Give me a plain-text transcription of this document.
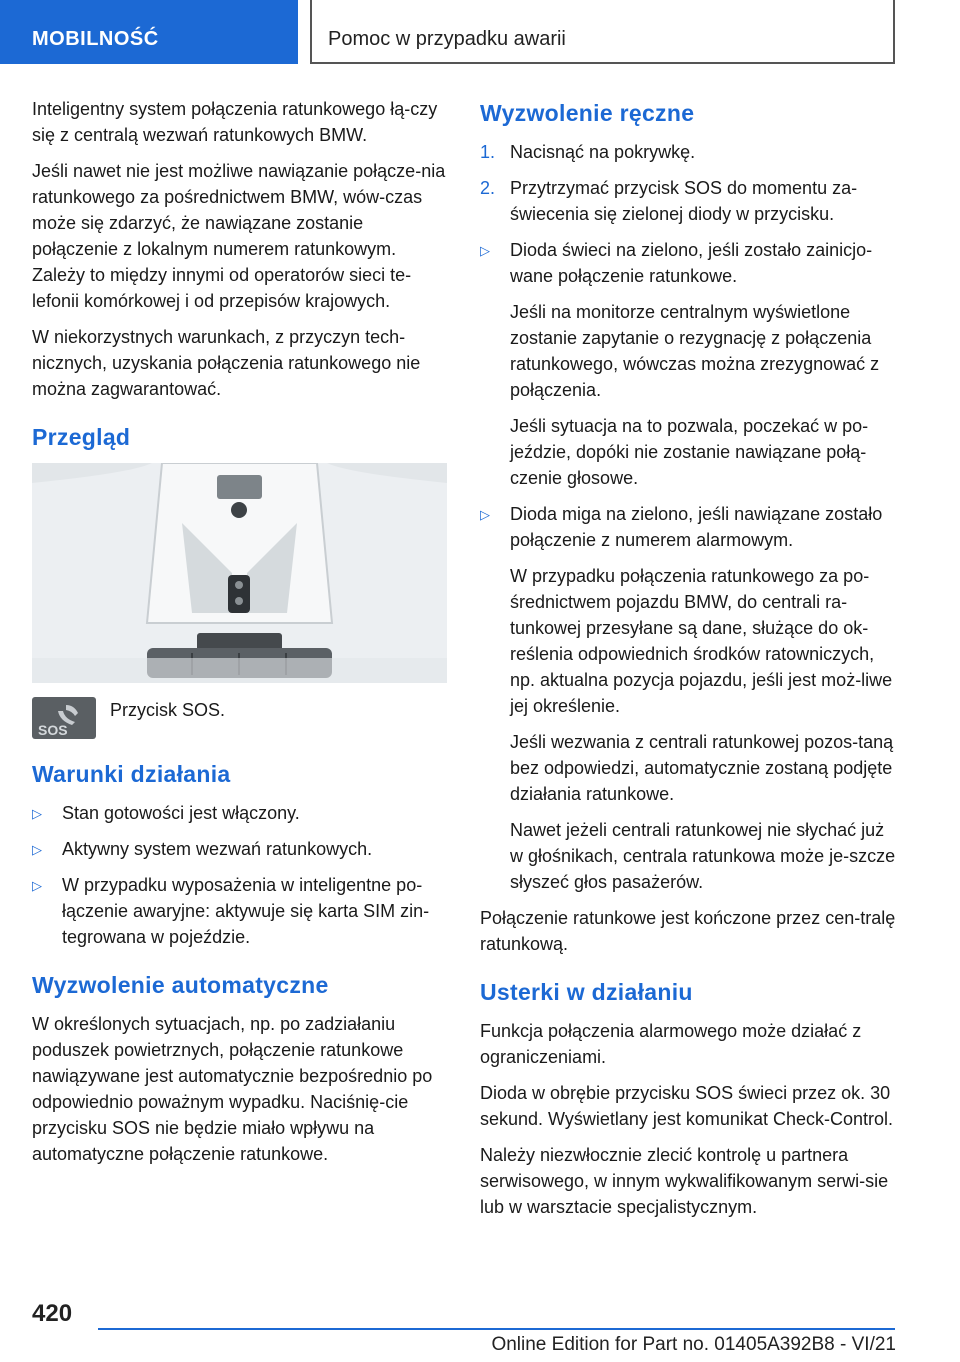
MOBILNOŚĆ	Pomoc w przypadku awarii

Inteligentny system połączenia ratunkowego łą‐czy się z centralą wezwań ratunkowych BMW.

Jeśli nawet nie jest możliwe nawiązanie połącze‐nia ratunkowego za pośrednictwem BMW, wów‐czas może się zdarzyć, że nawiązane zostanie połączenie z lokalnym numerem ratunkowym. Zależy to między innymi od operatorów sieci te‐lefonii komórkowej i od przepisów krajowych.

W niekorzystnych warunkach, z przyczyn tech‐nicznych, uzyskania połączenia ratunkowego nie można zagwarantować.

Przegląd
SOS
Przycisk SOS.
Warunki działania
▷ Stan gotowości jest włączony.
▷ Aktywny system wezwań ratunkowych.
▷ W przypadku wyposażenia w inteligentne po‐łączenie awaryjne: aktywuje się karta SIM zin‐tegrowana w pojeździe.
Wyzwolenie automatyczne

W określonych sytuacjach, np. po zadziałaniu poduszek powietrznych, połączenie ratunkowe nawiązywane jest automatycznie bezpośrednio po odpowiednio poważnym wypadku. Naciśnię‐cie przycisku SOS nie będzie miało wpływu na automatyczne połączenie ratunkowe.

Wyzwolenie ręczne
1. Nacisnąć na pokrywkę.
2. Przytrzymać przycisk SOS do momentu za‐świecenia się zielonej diody w przycisku.
▷ Dioda świeci na zielono, jeśli zostało zainicjo‐wane połączenie ratunkowe.
Jeśli na monitorze centralnym wyświetlone zostanie zapytanie o rezygnację z połączenia ratunkowego, wówczas można zrezygnować z połączenia.
Jeśli sytuacja na to pozwala, poczekać w po‐jeździe, dopóki nie zostanie nawiązane połą‐czenie głosowe.
▷ Dioda miga na zielono, jeśli nawiązane zostało połączenie z numerem alarmowym.
W przypadku połączenia ratunkowego za po‐średnictwem pojazdu BMW, do centrali ra‐tunkowej przesyłane są dane, służące do ok‐reślenia odpowiednich środków ratowniczych, np. aktualna pozycja pojazdu, jeśli jest moż‐liwe jej określenie.
Jeśli wezwania z centrali ratunkowej pozos‐taną bez odpowiedzi, automatycznie zostaną podjęte działania ratunkowe.
Nawet jeżeli centrali ratunkowej nie słychać już w głośnikach, centrala ratunkowa może je‐szcze słyszeć głos pasażerów.

Połączenie ratunkowe jest kończone przez cen‐tralę ratunkową.

Usterki w działaniu

Funkcja połączenia alarmowego może działać z ograniczeniami.

Dioda w obrębie przycisku SOS świeci przez ok. 30 sekund. Wyświetlany jest komunikat Check-Control.

Należy niezwłocznie zlecić kontrolę u partnera serwisowego, w innym wykwalifikowanym serwi‐sie lub w warsztacie specjalistycznym.

420
Online Edition for Part no. 01405A392B8 - VI/21
